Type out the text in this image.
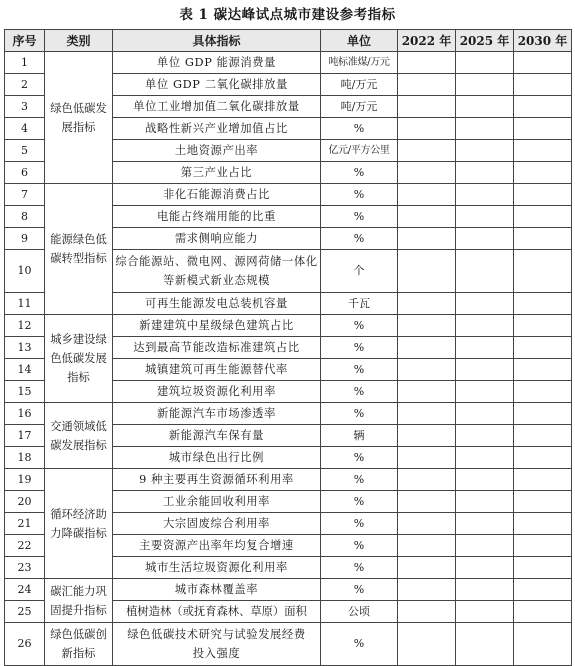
表 1 碳达峰试点城市建设参考指标
序号	类别	具体指标	单位	2022 年	2025 年	2030 年
1	绿色低碳发展指标	单位 GDP 能源消费量	吨标准煤/万元			
2		单位 GDP 二氧化碳排放量	吨/万元			
3		单位工业增加值二氧化碳排放量	吨/万元			
4		战略性新兴产业增加值占比	%			
5		土地资源产出率	亿元/平方公里			
6		第三产业占比	%			
7	能源绿色低碳转型指标	非化石能源消费占比	%			
8		电能占终端用能的比重	%			
9		需求侧响应能力	%			
10		综合能源站、微电网、源网荷储一体化等新模式新业态规模	个			
11		可再生能源发电总装机容量	千瓦			
12	城乡建设绿色低碳发展指标	新建建筑中星级绿色建筑占比	%			
13		达到最高节能改造标准建筑占比	%			
14		城镇建筑可再生能源替代率	%			
15		建筑垃圾资源化利用率	%			
16	交通领域低碳发展指标	新能源汽车市场渗透率	%			
17		新能源汽车保有量	辆			
18		城市绿色出行比例	%			
19	循环经济助力降碳指标	9 种主要再生资源循环利用率	%			
20		工业余能回收利用率	%			
21		大宗固废综合利用率	%			
22		主要资源产出率年均复合增速	%			
23		城市生活垃圾资源化利用率	%			
24	碳汇能力巩固提升指标	城市森林覆盖率	%			
25		植树造林（或抚育森林、草原）面积	公顷			
26	绿色低碳创新指标	绿色低碳技术研究与试验发展经费投入强度	%			
